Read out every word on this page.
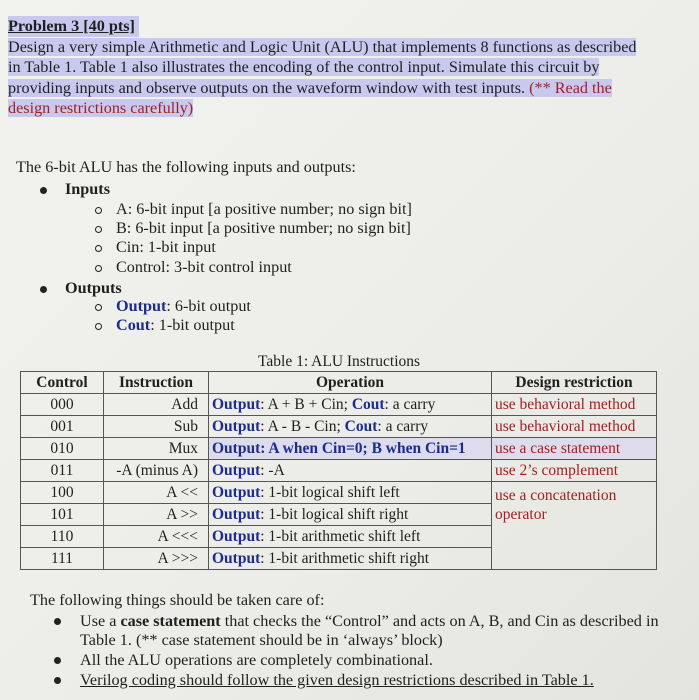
Problem 3 [40 pts]
Design a very simple Arithmetic and Logic Unit (ALU) that implements 8 functions as described
in Table 1. Table 1 also illustrates the encoding of the control input. Simulate this circuit by
providing inputs and observe outputs on the waveform window with test inputs. (** Read the
design restrictions carefully)
The 6-bit ALU has the following inputs and outputs:
Inputs
A: 6-bit input [a positive number; no sign bit]
B: 6-bit input [a positive number; no sign bit]
Cin: 1-bit input
Control: 3-bit control input
Outputs
Output: 6-bit output
Cout: 1-bit output
Table 1: ALU Instructions
Control	Instruction	Operation	Design restriction
000	Add	Output: A + B + Cin; Cout: a carry	use behavioral method
001	Sub	Output: A - B - Cin; Cout: a carry	use behavioral method
010	Mux	Output: A when Cin=0; B when Cin=1	use a case statement
011	-A (minus A)	Output: -A	use 2’s complement
100	A <<	Output: 1-bit logical shift left	use a concatenation
operator

101	A >>	Output: 1-bit logical shift right	
110	A <<<	Output: 1-bit arithmetic shift left	
111	A >>>	Output: 1-bit arithmetic shift right	
The following things should be taken care of:
Use a case statement that checks the “Control” and acts on A, B, and Cin as described in
Table 1. (** case statement should be in ‘always’ block)
All the ALU operations are completely combinational.
Verilog coding should follow the given design restrictions described in Table 1.
